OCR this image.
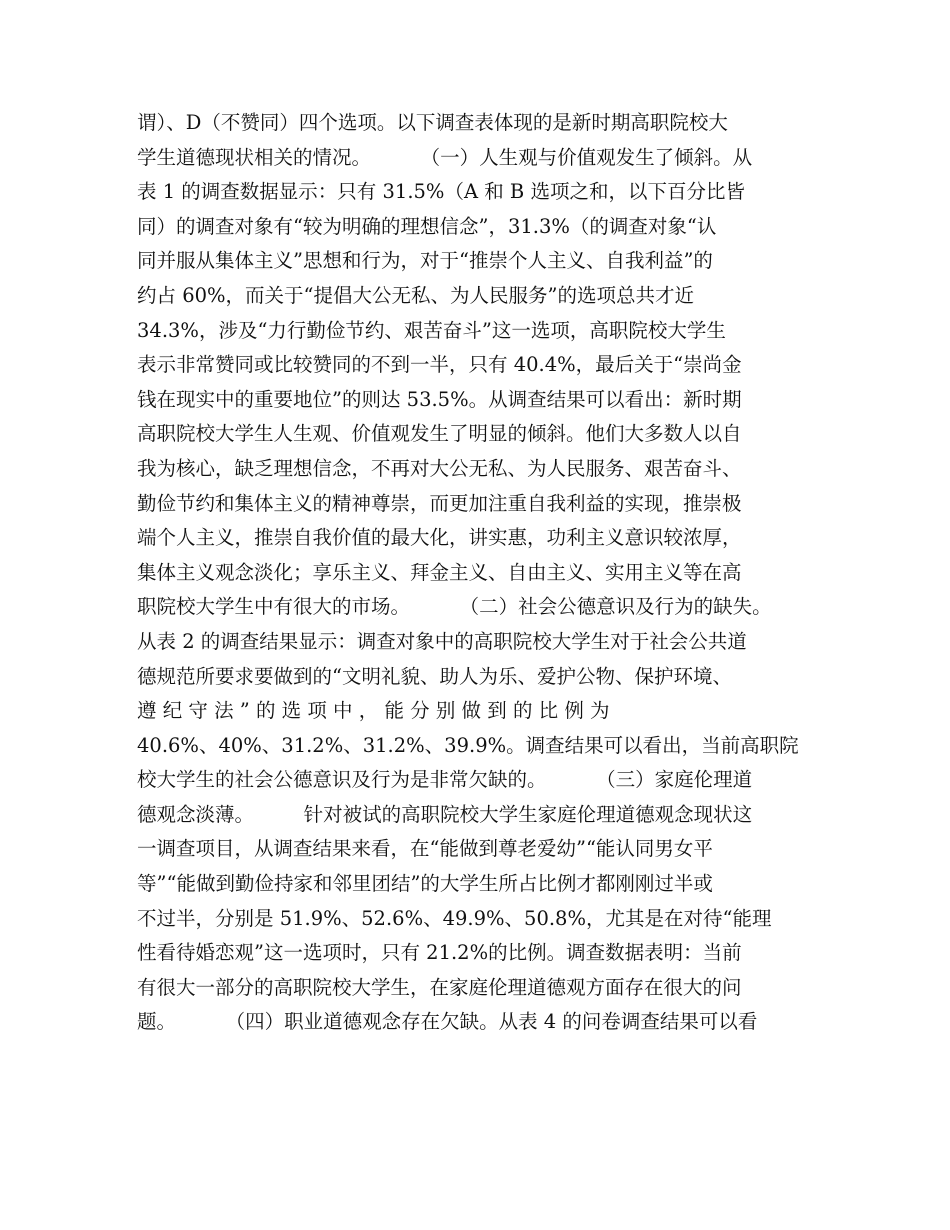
谓）、D（不赞同）四个选项。以下调查表体现的是新时期高职院校大
学生道德现状相关的情况。        （一）人生观与价值观发生了倾斜。从
表 1 的调查数据显示：只有 31.5%（A 和 B 选项之和，以下百分比皆
同）的调查对象有“较为明确的理想信念”，31.3%（的调查对象“认
同并服从集体主义”思想和行为，对于“推崇个人主义、自我利益”的
约占 60%，而关于“提倡大公无私、为人民服务”的选项总共才近
34.3%，涉及“力行勤俭节约、艰苦奋斗”这一选项，高职院校大学生
表示非常赞同或比较赞同的不到一半，只有 40.4%，最后关于“崇尚金
钱在现实中的重要地位”的则达 53.5%。从调查结果可以看出：新时期
高职院校大学生人生观、价值观发生了明显的倾斜。他们大多数人以自
我为核心，缺乏理想信念，不再对大公无私、为人民服务、艰苦奋斗、
勤俭节约和集体主义的精神尊崇，而更加注重自我利益的实现，推崇极
端个人主义，推崇自我价值的最大化，讲实惠，功利主义意识较浓厚，
集体主义观念淡化；享乐主义、拜金主义、自由主义、实用主义等在高
职院校大学生中有很大的市场。        （二）社会公德意识及行为的缺失。
从表 2 的调查结果显示：调查对象中的高职院校大学生对于社会公共道
德规范所要求要做到的“文明礼貌、助人为乐、爱护公物、保护环境、
遵 纪 守 法 ” 的 选 项 中 ， 能 分 别 做 到 的 比 例 为
40.6%、40%、31.2%、31.2%、39.9%。调查结果可以看出，当前高职院
校大学生的社会公德意识及行为是非常欠缺的。        （三）家庭伦理道
德观念淡薄。        针对被试的高职院校大学生家庭伦理道德观念现状这
一调查项目，从调查结果来看，在“能做到尊老爱幼”“能认同男女平
等”“能做到勤俭持家和邻里团结”的大学生所占比例才都刚刚过半或
不过半，分别是 51.9%、52.6%、49.9%、50.8%，尤其是在对待“能理
性看待婚恋观”这一选项时，只有 21.2%的比例。调查数据表明：当前
有很大一部分的高职院校大学生，在家庭伦理道德观方面存在很大的问
题。        （四）职业道德观念存在欠缺。从表 4 的问卷调查结果可以看
